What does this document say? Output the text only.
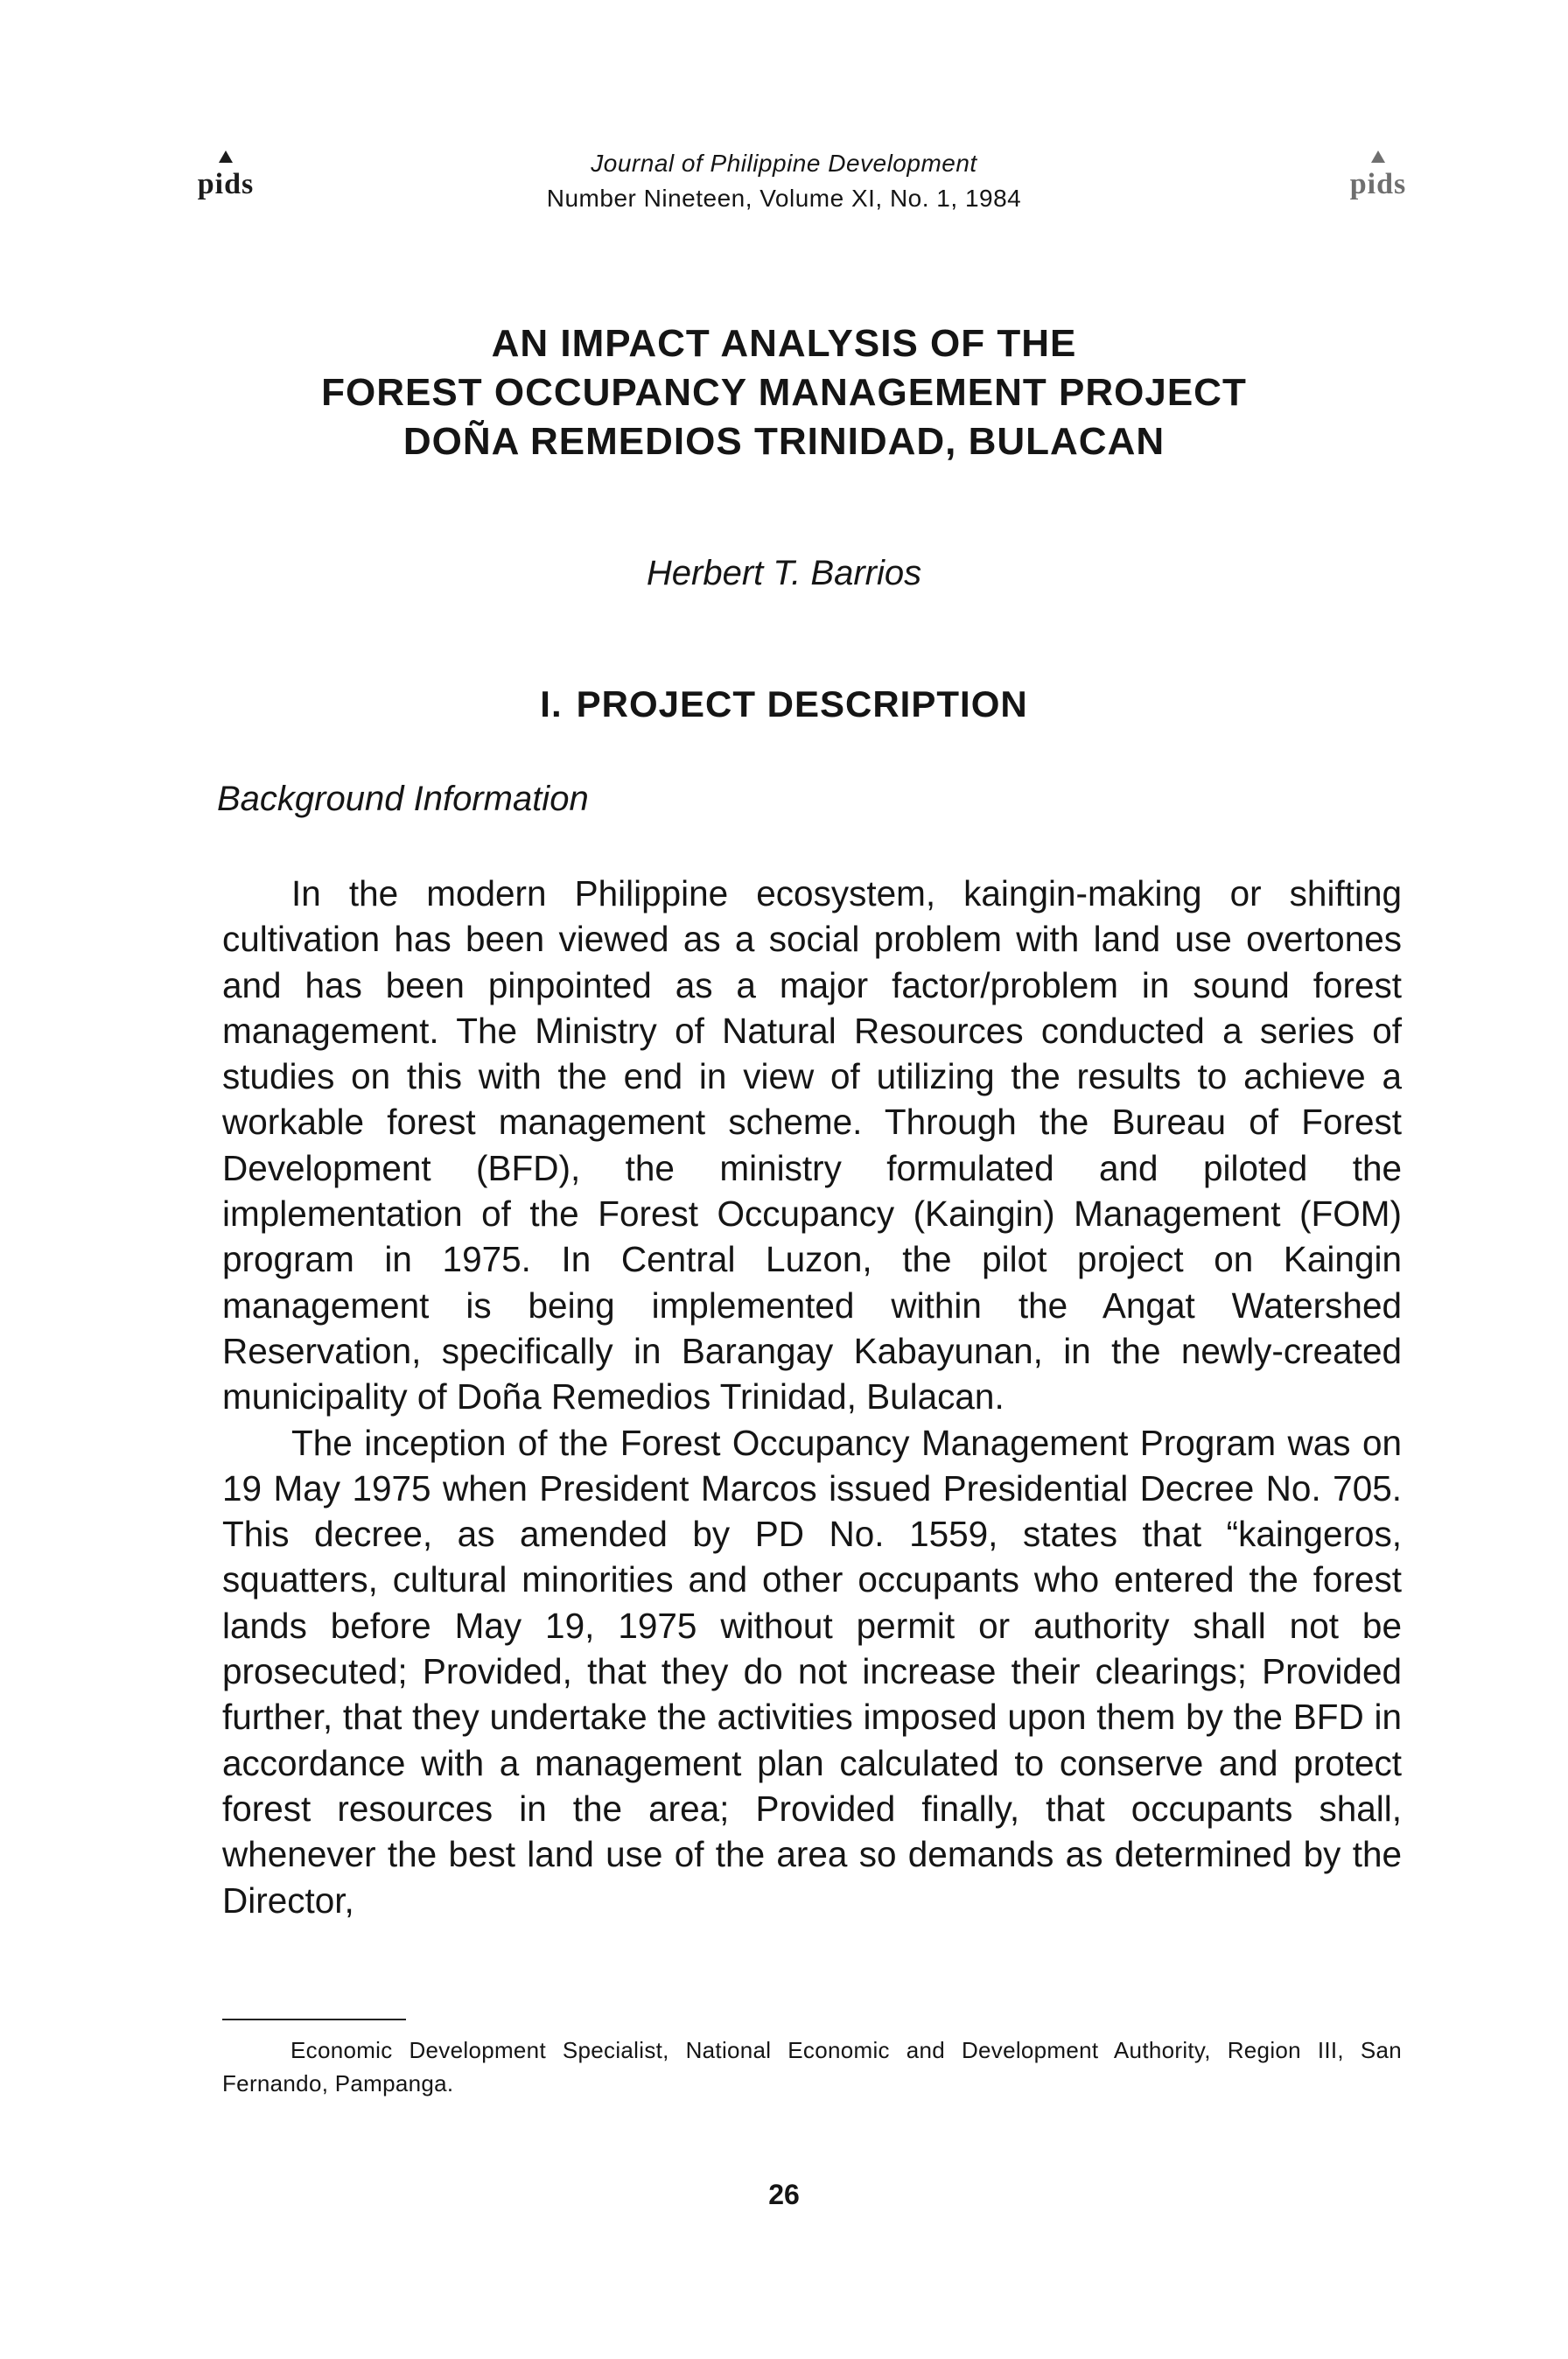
pids
Journal of Philippine Development
Number Nineteen, Volume XI, No. 1, 1984	pids
AN IMPACT ANALYSIS OF THE
FOREST OCCUPANCY MANAGEMENT PROJECT
DOÑA REMEDIOS TRINIDAD, BULACAN
Herbert T. Barrios
I. PROJECT DESCRIPTION
Background Information

In the modern Philippine ecosystem, kaingin-making or shifting cultivation has been viewed as a social problem with land use overtones and has been pinpointed as a major factor/problem in sound forest management. The Ministry of Natural Resources conducted a series of studies on this with the end in view of utilizing the results to achieve a workable forest management scheme. Through the Bureau of Forest Development (BFD), the ministry formulated and piloted the implementation of the Forest Occupancy (Kaingin) Management (FOM) program in 1975. In Central Luzon, the pilot project on Kaingin management is being implemented within the Angat Watershed Reservation, specifically in Barangay Kabayunan, in the newly-created municipality of Doña Remedios Trinidad, Bulacan.

The inception of the Forest Occupancy Management Program was on 19 May 1975 when President Marcos issued Presidential Decree No. 705. This decree, as amended by PD No. 1559, states that “kaingeros, squatters, cultural minorities and other occupants who entered the forest lands before May 19, 1975 without permit or authority shall not be prosecuted; Provided, that they do not increase their clearings; Provided further, that they undertake the activities imposed upon them by the BFD in accordance with a management plan calculated to conserve and protect forest resources in the area; Provided finally, that occupants shall, whenever the best land use of the area so demands as determined by the Director,

Economic Development Specialist, National Economic and Development Authority, Region III, San Fernando, Pampanga.

26
